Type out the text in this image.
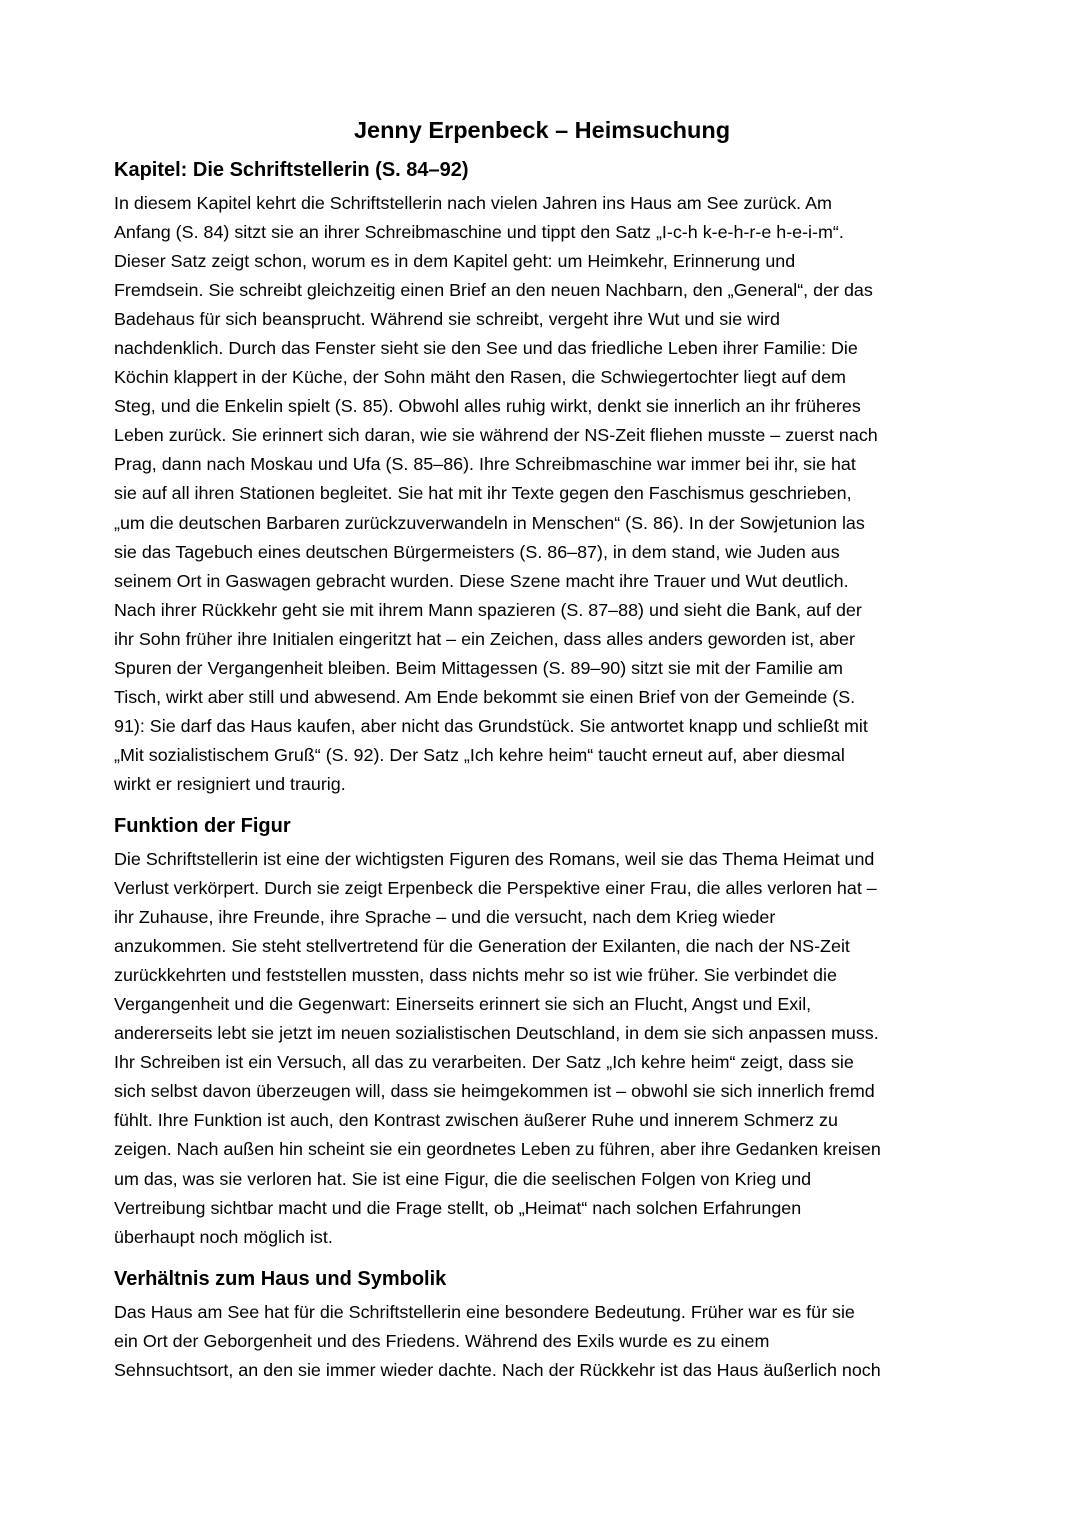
Jenny Erpenbeck – Heimsuchung
Kapitel: Die Schriftstellerin (S. 84–92)
In diesem Kapitel kehrt die Schriftstellerin nach vielen Jahren ins Haus am See zurück. Am
Anfang (S. 84) sitzt sie an ihrer Schreibmaschine und tippt den Satz „I-c-h k-e-h-r-e h-e-i-m“.
Dieser Satz zeigt schon, worum es in dem Kapitel geht: um Heimkehr, Erinnerung und
Fremdsein. Sie schreibt gleichzeitig einen Brief an den neuen Nachbarn, den „General“, der das
Badehaus für sich beansprucht. Während sie schreibt, vergeht ihre Wut und sie wird
nachdenklich. Durch das Fenster sieht sie den See und das friedliche Leben ihrer Familie: Die
Köchin klappert in der Küche, der Sohn mäht den Rasen, die Schwiegertochter liegt auf dem
Steg, und die Enkelin spielt (S. 85). Obwohl alles ruhig wirkt, denkt sie innerlich an ihr früheres
Leben zurück. Sie erinnert sich daran, wie sie während der NS-Zeit fliehen musste – zuerst nach
Prag, dann nach Moskau und Ufa (S. 85–86). Ihre Schreibmaschine war immer bei ihr, sie hat
sie auf all ihren Stationen begleitet. Sie hat mit ihr Texte gegen den Faschismus geschrieben,
„um die deutschen Barbaren zurückzuverwandeln in Menschen“ (S. 86). In der Sowjetunion las
sie das Tagebuch eines deutschen Bürgermeisters (S. 86–87), in dem stand, wie Juden aus
seinem Ort in Gaswagen gebracht wurden. Diese Szene macht ihre Trauer und Wut deutlich.
Nach ihrer Rückkehr geht sie mit ihrem Mann spazieren (S. 87–88) und sieht die Bank, auf der
ihr Sohn früher ihre Initialen eingeritzt hat – ein Zeichen, dass alles anders geworden ist, aber
Spuren der Vergangenheit bleiben. Beim Mittagessen (S. 89–90) sitzt sie mit der Familie am
Tisch, wirkt aber still und abwesend. Am Ende bekommt sie einen Brief von der Gemeinde (S.
91): Sie darf das Haus kaufen, aber nicht das Grundstück. Sie antwortet knapp und schließt mit
„Mit sozialistischem Gruß“ (S. 92). Der Satz „Ich kehre heim“ taucht erneut auf, aber diesmal
wirkt er resigniert und traurig.
Funktion der Figur
Die Schriftstellerin ist eine der wichtigsten Figuren des Romans, weil sie das Thema Heimat und
Verlust verkörpert. Durch sie zeigt Erpenbeck die Perspektive einer Frau, die alles verloren hat –
ihr Zuhause, ihre Freunde, ihre Sprache – und die versucht, nach dem Krieg wieder
anzukommen. Sie steht stellvertretend für die Generation der Exilanten, die nach der NS-Zeit
zurückkehrten und feststellen mussten, dass nichts mehr so ist wie früher. Sie verbindet die
Vergangenheit und die Gegenwart: Einerseits erinnert sie sich an Flucht, Angst und Exil,
andererseits lebt sie jetzt im neuen sozialistischen Deutschland, in dem sie sich anpassen muss.
Ihr Schreiben ist ein Versuch, all das zu verarbeiten. Der Satz „Ich kehre heim“ zeigt, dass sie
sich selbst davon überzeugen will, dass sie heimgekommen ist – obwohl sie sich innerlich fremd
fühlt. Ihre Funktion ist auch, den Kontrast zwischen äußerer Ruhe und innerem Schmerz zu
zeigen. Nach außen hin scheint sie ein geordnetes Leben zu führen, aber ihre Gedanken kreisen
um das, was sie verloren hat. Sie ist eine Figur, die die seelischen Folgen von Krieg und
Vertreibung sichtbar macht und die Frage stellt, ob „Heimat“ nach solchen Erfahrungen
überhaupt noch möglich ist.
Verhältnis zum Haus und Symbolik
Das Haus am See hat für die Schriftstellerin eine besondere Bedeutung. Früher war es für sie
ein Ort der Geborgenheit und des Friedens. Während des Exils wurde es zu einem
Sehnsuchtsort, an den sie immer wieder dachte. Nach der Rückkehr ist das Haus äußerlich noch
